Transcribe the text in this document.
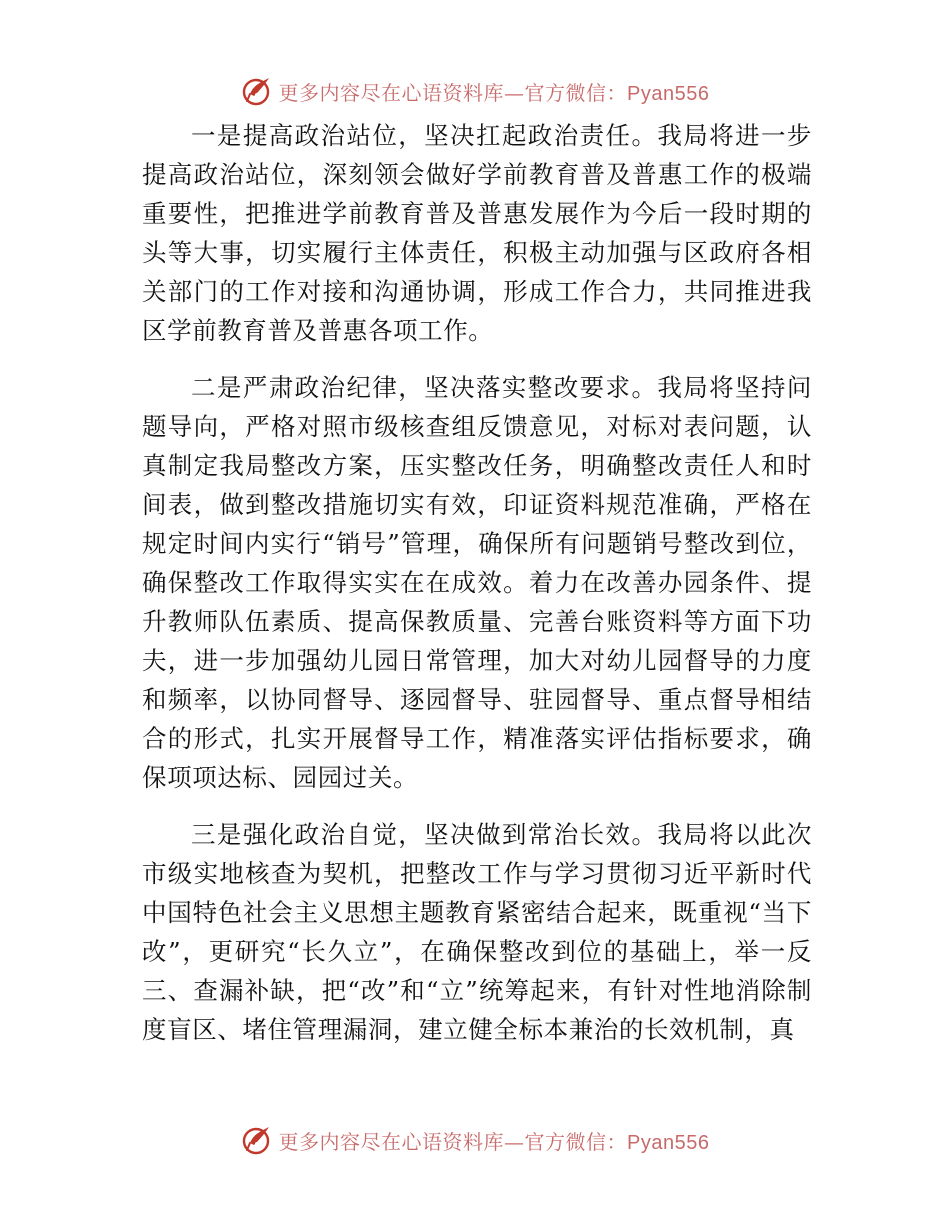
更多内容尽在心语资料库—官方微信：Pyan556

一是提高政治站位，坚决扛起政治责任。我局将进一步提高政治站位，深刻领会做好学前教育普及普惠工作的极端重要性，把推进学前教育普及普惠发展作为今后一段时期的头等大事，切实履行主体责任，积极主动加强与区政府各相关部门的工作对接和沟通协调，形成工作合力，共同推进我区学前教育普及普惠各项工作。

二是严肃政治纪律，坚决落实整改要求。我局将坚持问题导向，严格对照市级核查组反馈意见，对标对表问题，认真制定我局整改方案，压实整改任务，明确整改责任人和时间表，做到整改措施切实有效，印证资料规范准确，严格在规定时间内实行“销号”管理，确保所有问题销号整改到位，确保整改工作取得实实在在成效。着力在改善办园条件、提升教师队伍素质、提高保教质量、完善台账资料等方面下功夫，进一步加强幼儿园日常管理，加大对幼儿园督导的力度和频率，以协同督导、逐园督导、驻园督导、重点督导相结合的形式，扎实开展督导工作，精准落实评估指标要求，确保项项达标、园园过关。

三是强化政治自觉，坚决做到常治长效。我局将以此次市级实地核查为契机，把整改工作与学习贯彻习近平新时代中国特色社会主义思想主题教育紧密结合起来，既重视“当下改”，更研究“长久立”，在确保整改到位的基础上，举一反三、查漏补缺，把“改”和“立”统筹起来，有针对性地消除制度盲区、堵住管理漏洞，建立健全标本兼治的长效机制，真

更多内容尽在心语资料库—官方微信：Pyan556
